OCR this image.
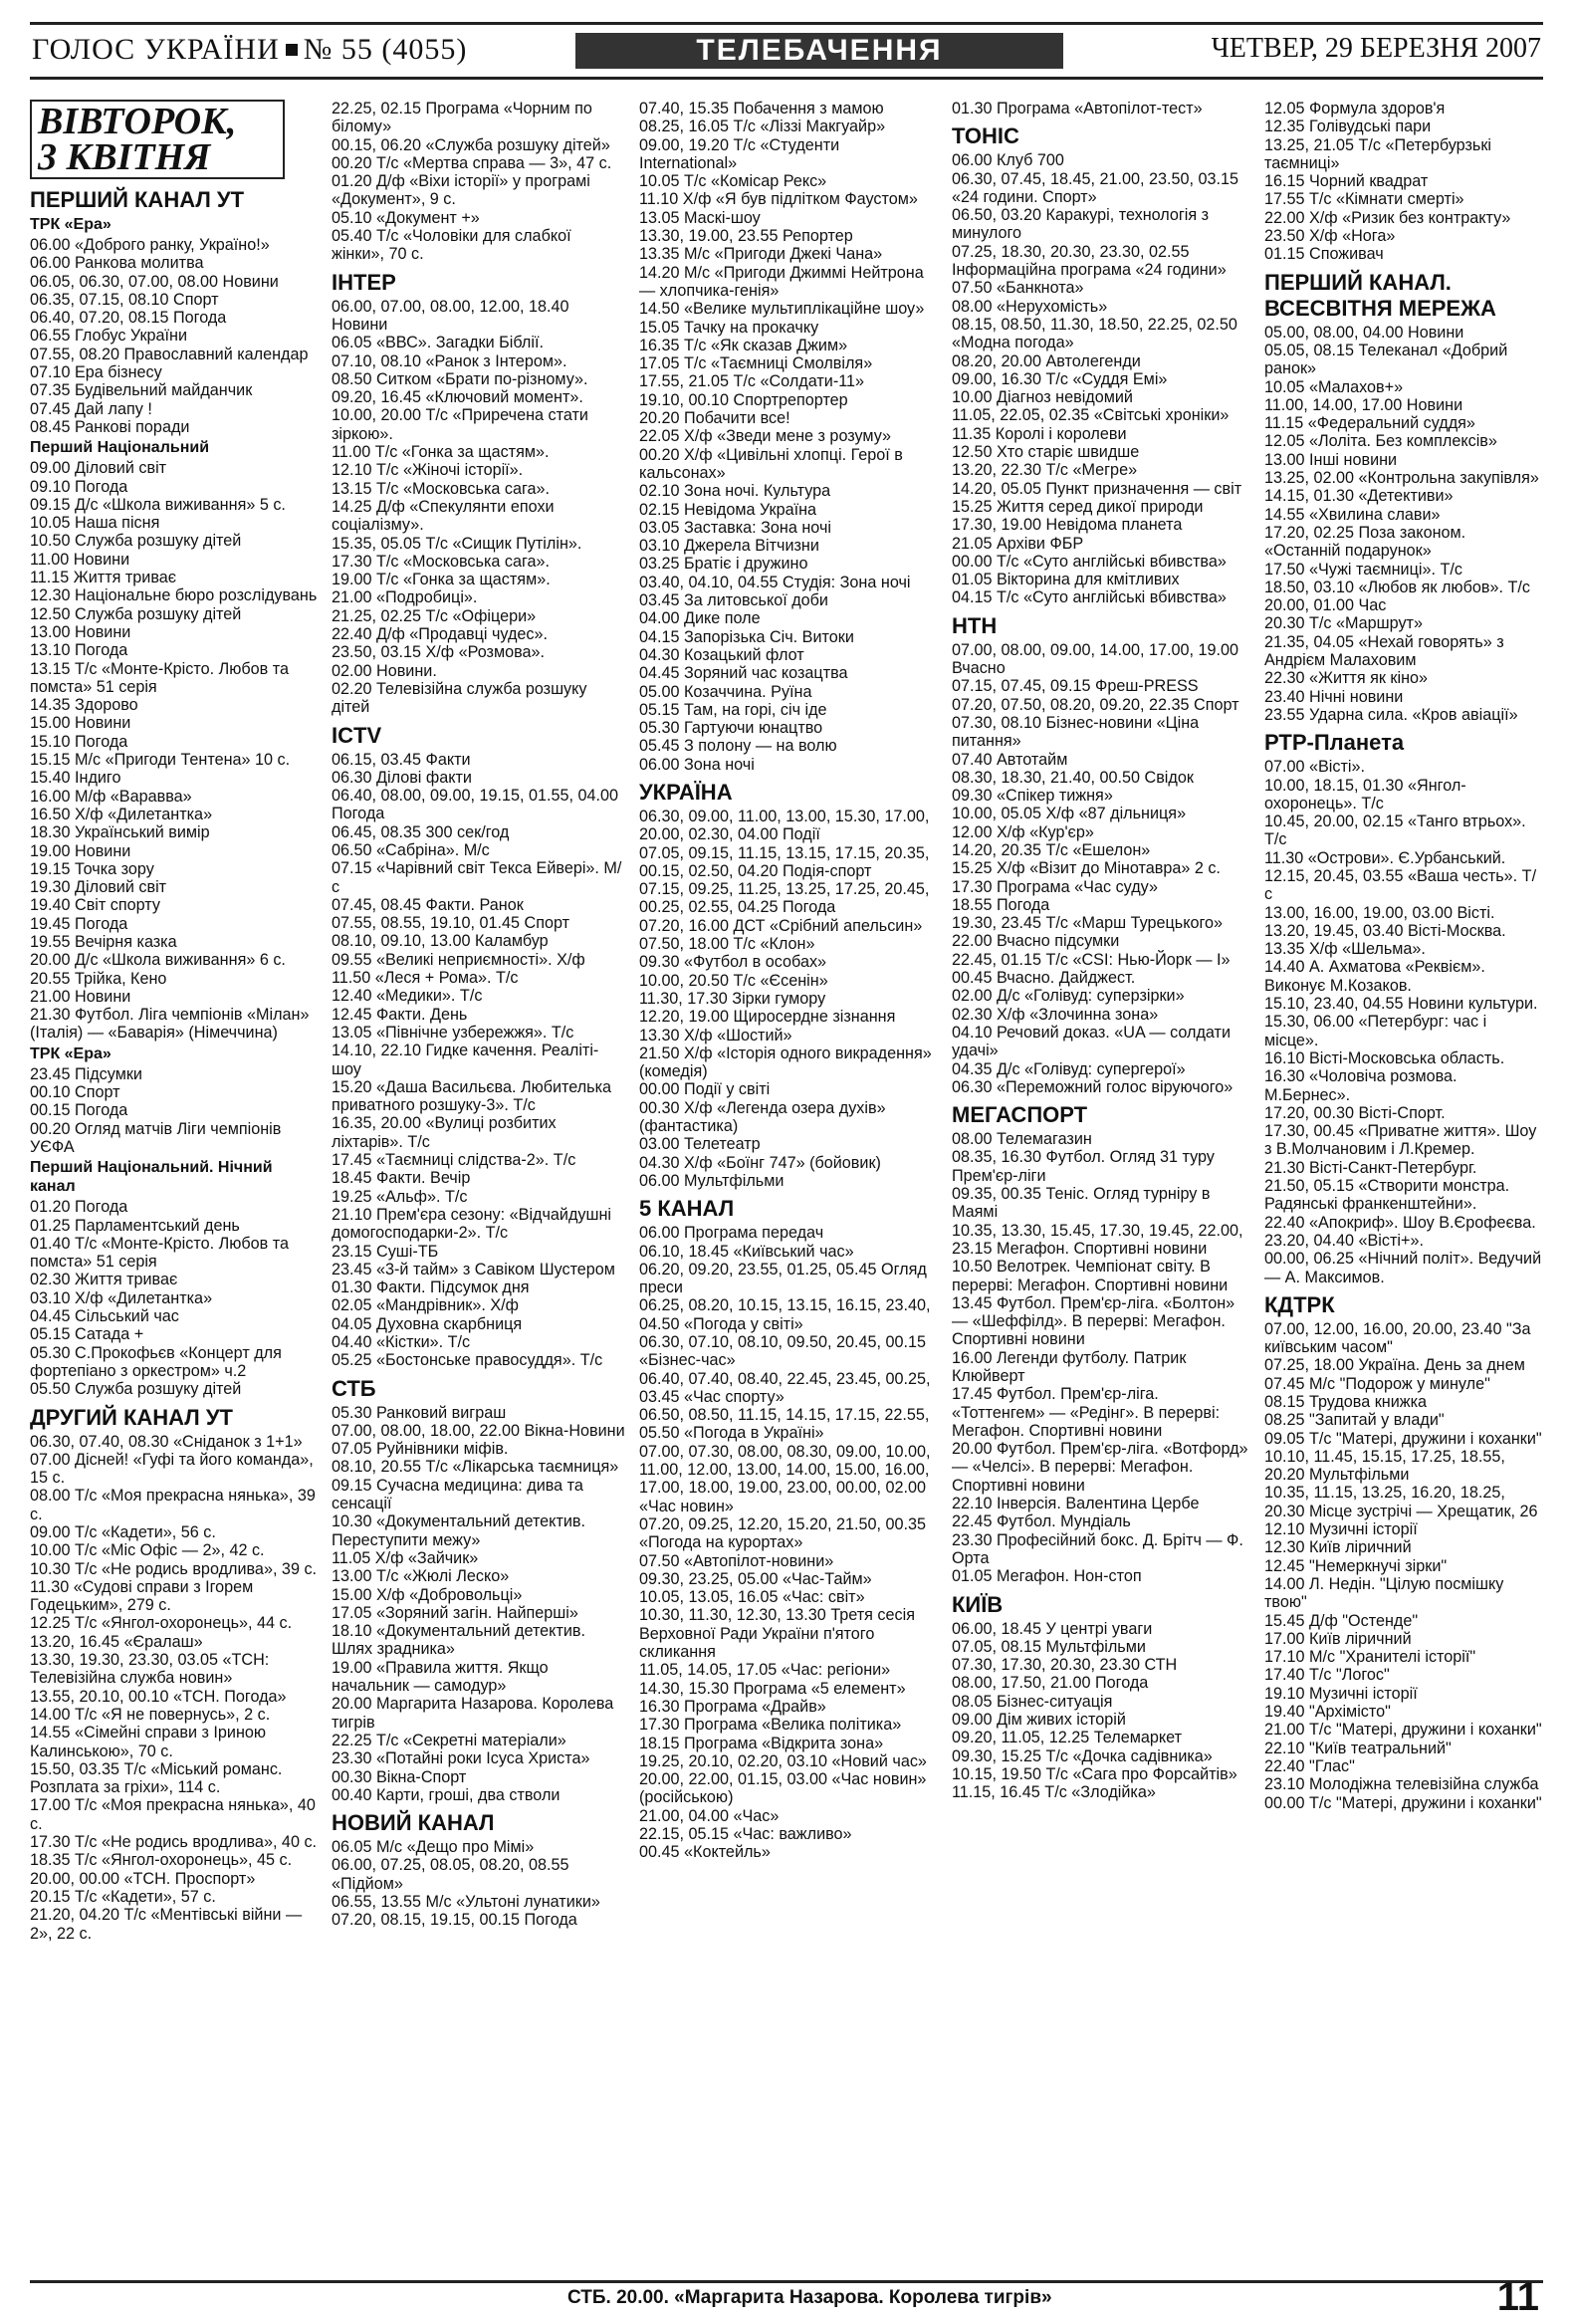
ГОЛОС УКРАЇНИ № 55 (4055)	ТЕЛЕБАЧЕННЯ	ЧЕТВЕР, 29 БЕРЕЗНЯ 2007
ВІВТОРОК,
3 КВІТНЯ
ПЕРШИЙ КАНАЛ УТ
ТРК «Ера»
06.00 «Доброго ранку, Україно!»
06.00 Ранкова молитва
06.05, 06.30, 07.00, 08.00 Новини
06.35, 07.15, 08.10 Спорт
06.40, 07.20, 08.15 Погода
06.55 Глобус України
07.55, 08.20 Православний календар
07.10 Ера бізнесу
07.35 Будівельний майданчик
07.45 Дай лапу !
08.45 Ранкові поради
Перший Національний
09.00 Діловий світ
09.10 Погода
09.15 Д/с «Школа виживання» 5 с.
10.05 Наша пісня
10.50 Служба розшуку дітей
11.00 Новини
11.15 Життя триває
12.30 Національне бюро розслідувань
12.50 Служба розшуку дітей
13.00 Новини
13.10 Погода
13.15 Т/с «Монте-Крісто. Любов та помста» 51 серія
14.35 Здорово
15.00 Новини
15.10 Погода
15.15 М/с «Пригоди Тентена» 10 с.
15.40 Індиго
16.00 М/ф «Варавва»
16.50 Х/ф «Дилетантка»
18.30 Український вимір
19.00 Новини
19.15 Точка зору
19.30 Діловий світ
19.40 Світ спорту
19.45 Погода
19.55 Вечірня казка
20.00 Д/с «Школа виживання» 6 с.
20.55 Трійка, Кено
21.00 Новини
21.30 Футбол. Ліга чемпіонів «Мілан» (Італія) — «Баварія» (Німеччина)
ТРК «Ера»
23.45 Підсумки
00.10 Спорт
00.15 Погода
00.20 Огляд матчів Ліги чемпіонів УЄФА
Перший Національний. Нічний канал
01.20 Погода
01.25 Парламентський день
01.40 Т/с «Монте-Крісто. Любов та помста» 51 серія
02.30 Життя триває
03.10 Х/ф «Дилетантка»
04.45 Сільський час
05.15 Сатада +
05.30 С.Прокофьєв «Концерт для фортепіано з оркестром» ч.2
05.50 Служба розшуку дітей
ДРУГИЙ КАНАЛ УТ
06.30, 07.40, 08.30 «Сніданок з 1+1»
07.00 Дісней! «Гуфі та його команда», 15 с.
08.00 Т/с «Моя прекрасна нянька», 39 с.
09.00 Т/с «Кадети», 56 с.
10.00 Т/с «Міс Офіс — 2», 42 с.
10.30 Т/с «Не родись вродлива», 39 с.
11.30 «Судові справи з Ігорем Годецьким», 279 с.
12.25 Т/с «Янгол-охоронець», 44 с.
13.20, 16.45 «Єралаш»
13.30, 19.30, 23.30, 03.05 «ТСН: Телевізійна служба новин»
13.55, 20.10, 00.10 «ТСН. Погода»
14.00 Т/с «Я не повернусь», 2 с.
14.55 «Сімейні справи з Іриною Калинською», 70 с.
15.50, 03.35 Т/с «Міський романс. Розплата за гріхи», 114 с.
17.00 Т/с «Моя прекрасна нянька», 40 с.
17.30 Т/с «Не родись вродлива», 40 с.
18.35 Т/с «Янгол-охоронець», 45 с.
20.00, 00.00 «ТСН. Проспорт»
20.15 Т/с «Кадети», 57 с.
21.20, 04.20 Т/с «Ментівські війни — 2», 22 с.
22.25, 02.15 Програма «Чорним по білому»
00.15, 06.20 «Служба розшуку дітей»
00.20 Т/с «Мертва справа — 3», 47 с.
01.20 Д/ф «Віхи історії» у програмі «Документ», 9 с.
05.10 «Документ +»
05.40 Т/с «Чоловіки для слабкої жінки», 70 с.
ІНТЕР
06.00, 07.00, 08.00, 12.00, 18.40 Новини
06.05 «ВВС». Загадки Біблії.
07.10, 08.10 «Ранок з Інтером».
08.50 Ситком «Брати по-різному».
09.20, 16.45 «Ключовий момент».
10.00, 20.00 Т/с «Приречена стати зіркою».
11.00 Т/с «Гонка за щастям».
12.10 Т/с «Жіночі історії».
13.15 Т/с «Московська сага».
14.25 Д/ф «Спекулянти епохи соціалізму».
15.35, 05.05 Т/с «Сищик Путілін».
17.30 Т/с «Московська сага».
19.00 Т/с «Гонка за щастям».
21.00 «Подробиці».
21.25, 02.25 Т/с «Офіцери»
22.40 Д/ф «Продавці чудес».
23.50, 03.15 Х/ф «Розмова».
02.00 Новини.
02.20 Телевізійна служба розшуку дітей
ICTV
06.15, 03.45 Факти
06.30 Ділові факти
06.40, 08.00, 09.00, 19.15, 01.55, 04.00 Погода
06.45, 08.35 300 сек/год
06.50 «Сабріна». М/с
07.15 «Чарівний світ Текса Ейвері». М/с
07.45, 08.45 Факти. Ранок
07.55, 08.55, 19.10, 01.45 Спорт
08.10, 09.10, 13.00 Каламбур
09.55 «Великі неприємності». Х/ф
11.50 «Леся + Рома». Т/с
12.40 «Медики». Т/с
12.45 Факти. День
13.05 «Північне узбережжя». Т/с
14.10, 22.10 Гидке качення. Реаліті-шоу
15.20 «Даша Васильєва. Любителька приватного розшуку-3». Т/с
16.35, 20.00 «Вулиці розбитих ліхтарів». Т/с
17.45 «Таємниці слідства-2». Т/с
18.45 Факти. Вечір
19.25 «Альф». Т/с
21.10 Прем'єра сезону: «Відчайдушні домогосподарки-2». Т/с
23.15 Суші-ТБ
23.45 «3-й тайм» з Савіком Шустером
01.30 Факти. Підсумок дня
02.05 «Мандрівник». Х/ф
04.05 Духовна скарбниця
04.40 «Кістки». Т/с
05.25 «Бостонське правосуддя». Т/с
СТБ
05.30 Ранковий виграш
07.00, 08.00, 18.00, 22.00 Вікна-Новини
07.05 Руйнівники міфів.
08.10, 20.55 Т/с «Лікарська таємниця»
09.15 Сучасна медицина: дива та сенсації
10.30 «Документальний детектив. Переступити межу»
11.05 Х/ф «Зайчик»
13.00 Т/с «Жюлі Леско»
15.00 Х/ф «Добровольці»
17.05 «Зоряний загін. Найперші»
18.10 «Документальний детектив. Шлях зрадника»
19.00 «Правила життя. Якщо начальник — самодур»
20.00 Маргарита Назарова. Королева тигрів
22.25 Т/с «Секретні матеріали»
23.30 «Потайні роки Ісуса Христа»
00.30 Вікна-Спорт
00.40 Карти, гроші, два стволи
НОВИЙ КАНАЛ
06.05 М/с «Дещо про Мімі»
06.00, 07.25, 08.05, 08.20, 08.55 «Підйом»
06.55, 13.55 М/с «Ультоні лунатики»
07.20, 08.15, 19.15, 00.15 Погода
07.40, 15.35 Побачення з мамою
08.25, 16.05 Т/с «Ліззі Макгуайр»
09.00, 19.20 Т/с «Студенти International»
10.05 Т/с «Комісар Рекс»
11.10 Х/ф «Я був підлітком Фаустом»
13.05 Маскі-шоу
13.30, 19.00, 23.55 Репортер
13.35 М/с «Пригоди Джекі Чана»
14.20 М/с «Пригоди Джиммі Нейтрона — хлопчика-генія»
14.50 «Велике мультиплікаційне шоу»
15.05 Тачку на прокачку
16.35 Т/с «Як сказав Джим»
17.05 Т/с «Таємниці Смолвіля»
17.55, 21.05 Т/с «Солдати-11»
19.10, 00.10 Спортрепортер
20.20 Побачити все!
22.05 Х/ф «Зведи мене з розуму»
00.20 Х/ф «Цивільні хлопці. Герої в кальсонах»
02.10 Зона ночі. Культура
02.15 Невідома Україна
03.05 Заставка: Зона ночі
03.10 Джерела Вітчизни
03.25 Братіє і дружино
03.40, 04.10, 04.55 Студія: Зона ночі
03.45 За литовської доби
04.00 Дике поле
04.15 Запорізька Січ. Витоки
04.30 Козацький флот
04.45 Зоряний час козацтва
05.00 Козаччина. Руїна
05.15 Там, на горі, січ іде
05.30 Гартуючи юнацтво
05.45 З полону — на волю
06.00 Зона ночі
УКРАЇНА
06.30, 09.00, 11.00, 13.00, 15.30, 17.00, 20.00, 02.30, 04.00 Події
07.05, 09.15, 11.15, 13.15, 17.15, 20.35, 00.15, 02.50, 04.20 Подія-спорт
07.15, 09.25, 11.25, 13.25, 17.25, 20.45, 00.25, 02.55, 04.25 Погода
07.20, 16.00 ДСТ «Срібний апельсин»
07.50, 18.00 Т/с «Клон»
09.30 «Футбол в особах»
10.00, 20.50 Т/с «Єсенін»
11.30, 17.30 Зірки гумору
12.20, 19.00 Щиросердне зізнання
13.30 Х/ф «Шостий»
21.50 Х/ф «Історія одного викрадення» (комедія)
00.00 Події у світі
00.30 Х/ф «Легенда озера духів» (фантастика)
03.00 Телетеатр
04.30 Х/ф «Боїнг 747» (бойовик)
06.00 Мультфільми
5 КАНАЛ
06.00 Програма передач
06.10, 18.45 «Київський час»
06.20, 09.20, 23.55, 01.25, 05.45 Огляд преси
06.25, 08.20, 10.15, 13.15, 16.15, 23.40, 04.50 «Погода у світі»
06.30, 07.10, 08.10, 09.50, 20.45, 00.15 «Бізнес-час»
06.40, 07.40, 08.40, 22.45, 23.45, 00.25, 03.45 «Час спорту»
06.50, 08.50, 11.15, 14.15, 17.15, 22.55, 05.50 «Погода в Україні»
07.00, 07.30, 08.00, 08.30, 09.00, 10.00, 11.00, 12.00, 13.00, 14.00, 15.00, 16.00, 17.00, 18.00, 19.00, 23.00, 00.00, 02.00 «Час новин»
07.20, 09.25, 12.20, 15.20, 21.50, 00.35 «Погода на курортах»
07.50 «Автопілот-новини»
09.30, 23.25, 05.00 «Час-Тайм»
10.05, 13.05, 16.05 «Час: світ»
10.30, 11.30, 12.30, 13.30 Третя сесія Верховної Ради України п'ятого скликання
11.05, 14.05, 17.05 «Час: регіони»
14.30, 15.30 Програма «5 елемент»
16.30 Програма «Драйв»
17.30 Програма «Велика політика»
18.15 Програма «Відкрита зона»
19.25, 20.10, 02.20, 03.10 «Новий час»
20.00, 22.00, 01.15, 03.00 «Час новин» (російською)
21.00, 04.00 «Час»
22.15, 05.15 «Час: важливо»
00.45 «Коктейль»
01.30 Програма «Автопілот-тест»
ТОНІС
06.00 Клуб 700
06.30, 07.45, 18.45, 21.00, 23.50, 03.15 «24 години. Спорт»
06.50, 03.20 Каракурі, технологія з минулого
07.25, 18.30, 20.30, 23.30, 02.55 Інформаційна програма «24 години»
07.50 «Банкнота»
08.00 «Нерухомість»
08.15, 08.50, 11.30, 18.50, 22.25, 02.50 «Модна погода»
08.20, 20.00 Автолегенди
09.00, 16.30 Т/с «Суддя Емі»
10.00 Діагноз невідомий
11.05, 22.05, 02.35 «Світські хроніки»
11.35 Королі і королеви
12.50 Хто старіє швидше
13.20, 22.30 Т/с «Мегре»
14.20, 05.05 Пункт призначення — світ
15.25 Життя серед дикої природи
17.30, 19.00 Невідома планета
21.05 Архіви ФБР
00.00 Т/с «Суто англійські вбивства»
01.05 Вікторина для кмітливих
04.15 Т/с «Суто англійські вбивства»
НТН
07.00, 08.00, 09.00, 14.00, 17.00, 19.00 Вчасно
07.15, 07.45, 09.15 Фреш-PRESS
07.20, 07.50, 08.20, 09.20, 22.35 Спорт
07.30, 08.10 Бізнес-новини «Ціна питання»
07.40 Автотайм
08.30, 18.30, 21.40, 00.50 Свідок
09.30 «Спікер тижня»
10.00, 05.05 Х/ф «87 дільниця»
12.00 Х/ф «Кур'єр»
14.20, 20.35 Т/с «Ешелон»
15.25 Х/ф «Візит до Мінотавра» 2 с.
17.30 Програма «Час суду»
18.55 Погода
19.30, 23.45 Т/с «Марш Турецького»
22.00 Вчасно підсумки
22.45, 01.15 Т/с «CSI: Нью-Йорк — I»
00.45 Вчасно. Дайджест.
02.00 Д/с «Голівуд: суперзірки»
02.30 Х/ф «Злочинна зона»
04.10 Речовий доказ. «UA — солдати удачі»
04.35 Д/с «Голівуд: супергерої»
06.30 «Переможний голос віруючого»
МЕГАСПОРТ
08.00 Телемагазин
08.35, 16.30 Футбол. Огляд 31 туру Прем'єр-ліги
09.35, 00.35 Теніс. Огляд турніру в Маямі
10.35, 13.30, 15.45, 17.30, 19.45, 22.00, 23.15 Мегафон. Спортивні новини
10.50 Велотрек. Чемпіонат світу. В перерві: Мегафон. Спортивні новини
13.45 Футбол. Прем'єр-ліга. «Болтон» — «Шеффілд». В перерві: Мегафон. Спортивні новини
16.00 Легенди футболу. Патрик Клюйверт
17.45 Футбол. Прем'єр-ліга. «Тоттенгем» — «Редінг». В перерві: Мегафон. Спортивні новини
20.00 Футбол. Прем'єр-ліга. «Вотфорд» — «Челсі». В перерві: Мегафон. Спортивні новини
22.10 Інверсія. Валентина Цербе
22.45 Футбол. Мундіаль
23.30 Професійний бокс. Д. Брітч — Ф. Орта
01.05 Мегафон. Нон-стоп
КИЇВ
06.00, 18.45 У центрі уваги
07.05, 08.15 Мультфільми
07.30, 17.30, 20.30, 23.30 СТН
08.00, 17.50, 21.00 Погода
08.05 Бізнес-ситуація
09.00 Дім живих історій
09.20, 11.05, 12.25 Телемаркет
09.30, 15.25 Т/с «Дочка садівника»
10.15, 19.50 Т/с «Сага про Форсайтів»
11.15, 16.45 Т/с «Злодійка»
12.05 Формула здоров'я
12.35 Голівудські пари
13.25, 21.05 Т/с «Петербурзькі таємниці»
16.15 Чорний квадрат
17.55 Т/с «Кімнати смерті»
22.00 Х/ф «Ризик без контракту»
23.50 Х/ф «Нога»
01.15 Споживач
ПЕРШИЙ КАНАЛ. ВСЕСВІТНЯ МЕРЕЖА
05.00, 08.00, 04.00 Новини
05.05, 08.15 Телеканал «Добрий ранок»
10.05 «Малахов+»
11.00, 14.00, 17.00 Новини
11.15 «Федеральний суддя»
12.05 «Лоліта. Без комплексів»
13.00 Інші новини
13.25, 02.00 «Контрольна закупівля»
14.15, 01.30 «Детективи»
14.55 «Хвилина слави»
17.20, 02.25 Поза законом. «Останній подарунок»
17.50 «Чужі таємниці». Т/с
18.50, 03.10 «Любов як любов». Т/с
20.00, 01.00 Час
20.30 Т/с «Маршрут»
21.35, 04.05 «Нехай говорять» з Андрієм Малаховим
22.30 «Життя як кіно»
23.40 Нічні новини
23.55 Ударна сила. «Кров авіації»
РТР-Планета
07.00 «Вісті».
10.00, 18.15, 01.30 «Янгол-охоронець». Т/с
10.45, 20.00, 02.15 «Танго втрьох». Т/с
11.30 «Острови». Є.Урбанський.
12.15, 20.45, 03.55 «Ваша честь». Т/с
13.00, 16.00, 19.00, 03.00 Вісті.
13.20, 19.45, 03.40 Вісті-Москва.
13.35 Х/ф «Шельма».
14.40 А. Ахматова «Реквієм». Виконує М.Козаков.
15.10, 23.40, 04.55 Новини культури.
15.30, 06.00 «Петербург: час і місце».
16.10 Вісті-Московська область.
16.30 «Чоловіча розмова. М.Бернес».
17.20, 00.30 Вісті-Спорт.
17.30, 00.45 «Приватне життя». Шоу з В.Молчановим і Л.Кремер.
21.30 Вісті-Санкт-Петербург.
21.50, 05.15 «Створити монстра. Радянські франкенштейни».
22.40 «Апокриф». Шоу В.Єрофеєва.
23.20, 04.40 «Вісті+».
00.00, 06.25 «Нічний політ». Ведучий — А. Максимов.
КДТРК
07.00, 12.00, 16.00, 20.00, 23.40 "За київським часом"
07.25, 18.00 Україна. День за днем
07.45 М/с "Подорож у минуле"
08.15 Трудова книжка
08.25 "Запитай у влади"
09.05 Т/с "Матері, дружини і коханки"
10.10, 11.45, 15.15, 17.25, 18.55, 20.20 Мультфільми
10.35, 11.15, 13.25, 16.20, 18.25, 20.30 Місце зустрічі — Хрещатик, 26
12.10 Музичні історії
12.30 Київ ліричний
12.45 "Немеркнучі зірки"
14.00 Л. Недін. "Цілую посмішку твою"
15.45 Д/ф "Остенде"
17.00 Київ ліричний
17.10 М/с "Хранителі історії"
17.40 Т/с "Логос"
19.10 Музичні історії
19.40 "Архімісто"
21.00 Т/с "Матері, дружини і коханки"
22.10 "Київ театральний"
22.40 "Глас"
23.10 Молодіжна телевізійна служба
00.00 Т/с "Матері, дружини і коханки"
СТБ. 20.00. «Маргарита Назарова. Королева тигрів»	11
